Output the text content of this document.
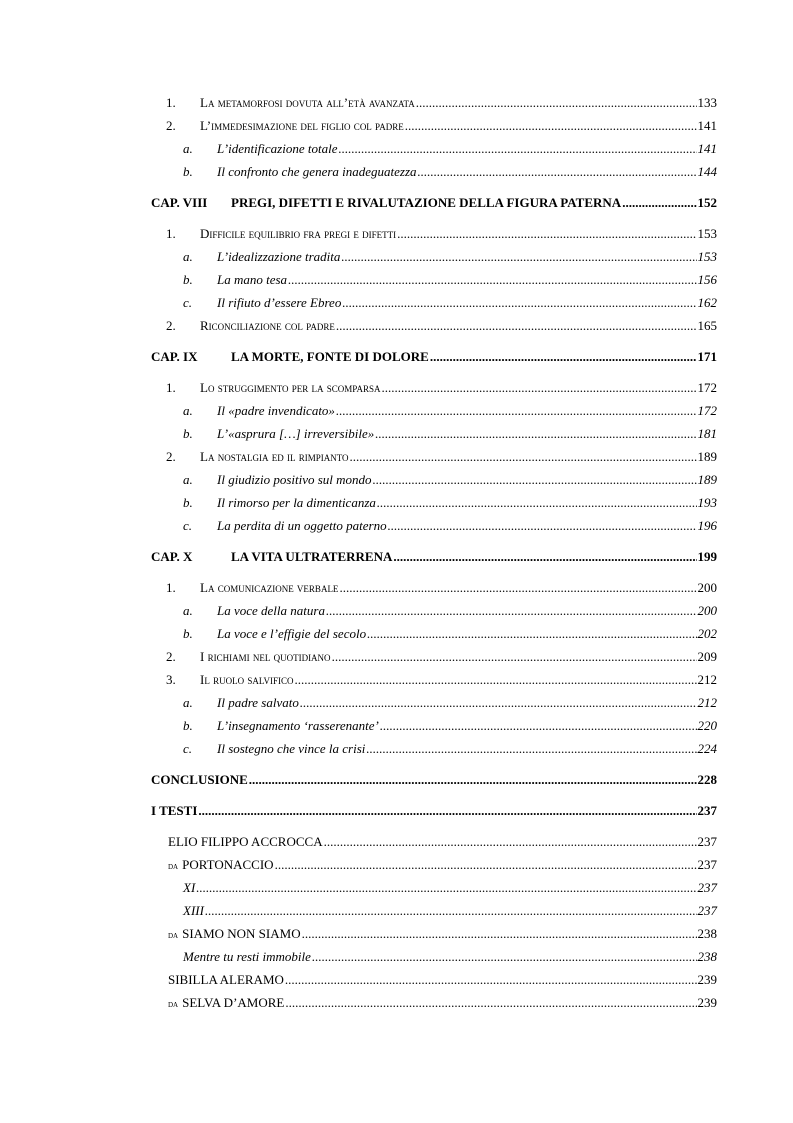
1.	La metamorfosi dovuta all’età avanzata .....	133
2.	L’immedesimazione del figlio col padre .....	141
a.	L’identificazione totale .....	141
b.	Il confronto che genera inadeguatezza .....	144
CAP. VIII	PREGI, DIFETTI E RIVALUTAZIONE DELLA FIGURA PATERNA .....	152
1.	Difficile equilibrio fra pregi e difetti .....	153
a.	L’idealizzazione tradita .....	153
b.	La mano tesa .....	156
c.	Il rifiuto d’essere Ebreo .....	162
2.	Riconciliazione col padre .....	165
CAP. IX	LA MORTE, FONTE DI DOLORE .....	171
1.	Lo struggimento per la scomparsa .....	172
a.	Il «padre invendicato» .....	172
b.	L’«asprura […] irreversibile» .....	181
2.	La nostalgia ed il rimpianto .....	189
a.	Il giudizio positivo sul mondo .....	189
b.	Il rimorso per la dimenticanza .....	193
c.	La perdita di un oggetto paterno .....	196
CAP. X	LA VITA ULTRATERRENA .....	199
1.	La comunicazione verbale .....	200
a.	La voce della natura .....	200
b.	La voce e l’effigie del secolo .....	202
2.	I richiami nel quotidiano .....	209
3.	Il ruolo salvifico .....	212
a.	Il padre salvato .....	212
b.	L’insegnamento ‘rasserenante’ .....	220
c.	Il sostegno che vince la crisi .....	224
CONCLUSIONE .....	228
I TESTI .....	237
ELIO FILIPPO ACCROCCA .....	237
da PORTONACCIO .....	237
XI .....	237
XIII .....	237
da SIAMO NON SIAMO .....	238
Mentre tu resti immobile .....	238
SIBILLA ALERAMO .....	239
da SELVA D’AMORE .....	239
